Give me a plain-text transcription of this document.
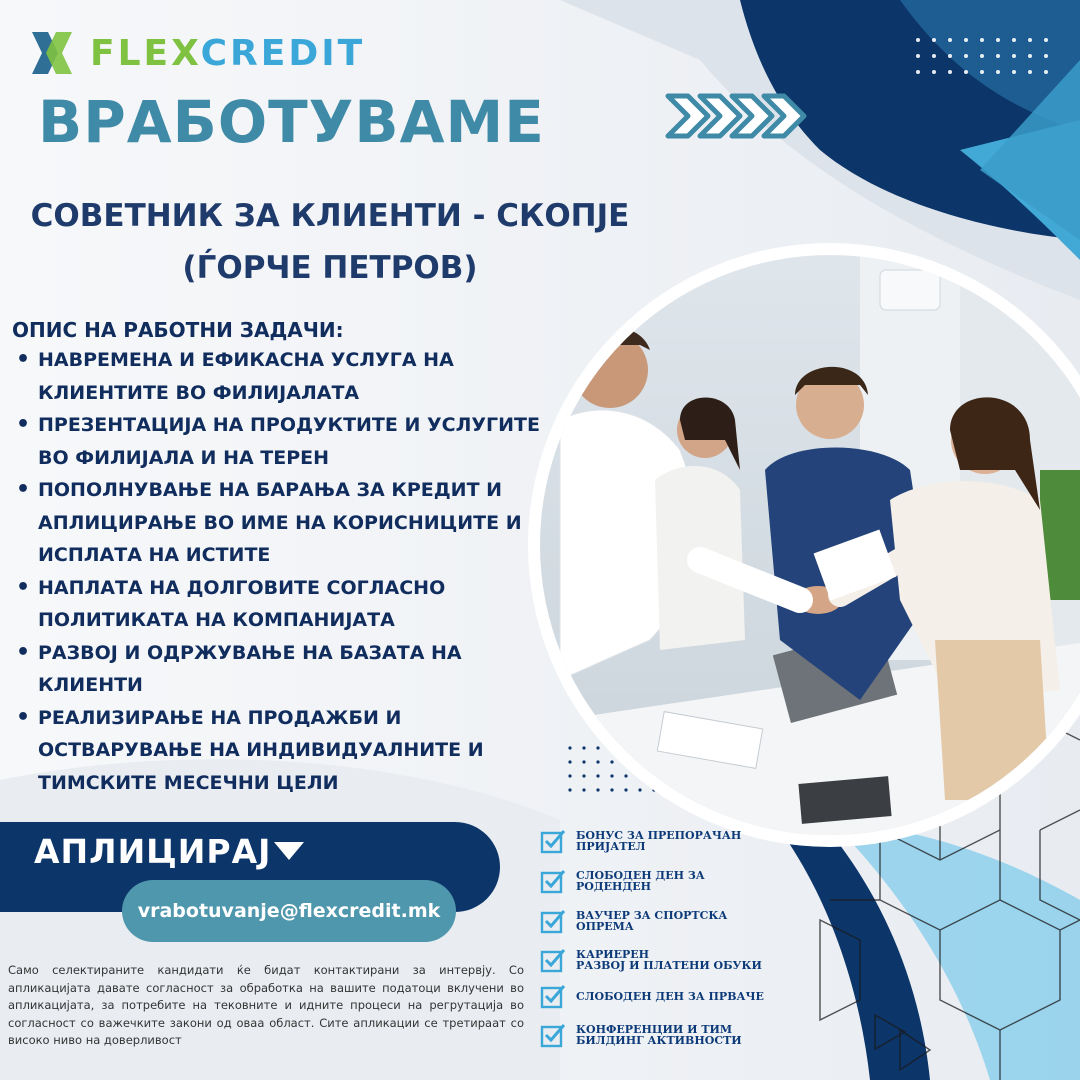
FLEXCREDIT
ВРАБОТУВАМЕ
СОВЕТНИК ЗА КЛИЕНТИ - СКОПЈЕ
(ЃОРЧЕ ПЕТРОВ)
ОПИС НА РАБОТНИ ЗАДАЧИ:
• НАВРЕМЕНА И ЕФИКАСНА УСЛУГА НА КЛИЕНТИТЕ ВО ФИЛИЈАЛАТА
• ПРЕЗЕНТАЦИЈА НА ПРОДУКТИТЕ И УСЛУГИТЕ ВО ФИЛИЈАЛА И НА ТЕРЕН
• ПОПОЛНУВАЊЕ НА БАРАЊА ЗА КРЕДИТ И АПЛИЦИРАЊЕ ВО ИМЕ НА КОРИСНИЦИТЕ И ИСПЛАТА НА ИСТИТЕ
• НАПЛАТА НА ДОЛГОВИТЕ СОГЛАСНО ПОЛИТИКАТА НА КОМПАНИЈАТА
• РАЗВОЈ И ОДРЖУВАЊЕ НА БАЗАТА НА КЛИЕНТИ
• РЕАЛИЗИРАЊЕ НА ПРОДАЖБИ И ОСТВАРУВАЊЕ НА ИНДИВИДУАЛНИТЕ И ТИМСКИТЕ МЕСЕЧНИ ЦЕЛИ
АПЛИЦИРАЈ
vrabotuvanje@flexcredit.mk
Само селектираните кандидати ќе бидат контактирани за интервју. Со апликацијата давате согласност за обработка на вашите податоци вклучени во апликацијата, за потребите на тековните и идните процеси на регрутација во согласност со важечките закони од оваа област. Сите апликации се третираат со високо ниво на доверливост
БОНУС ЗА ПРЕПОРАЧАН
ПРИЈАТЕЛ
СЛОБОДЕН ДЕН ЗА
РОДЕНДЕН
ВАУЧЕР ЗА СПОРТСКА
ОПРЕМА
КАРИЕРЕН
РАЗВОЈ И ПЛАТЕНИ ОБУКИ
СЛОБОДЕН ДЕН ЗА ПРВАЧЕ
КОНФЕРЕНЦИИ И ТИМ
БИЛДИНГ АКТИВНОСТИ
